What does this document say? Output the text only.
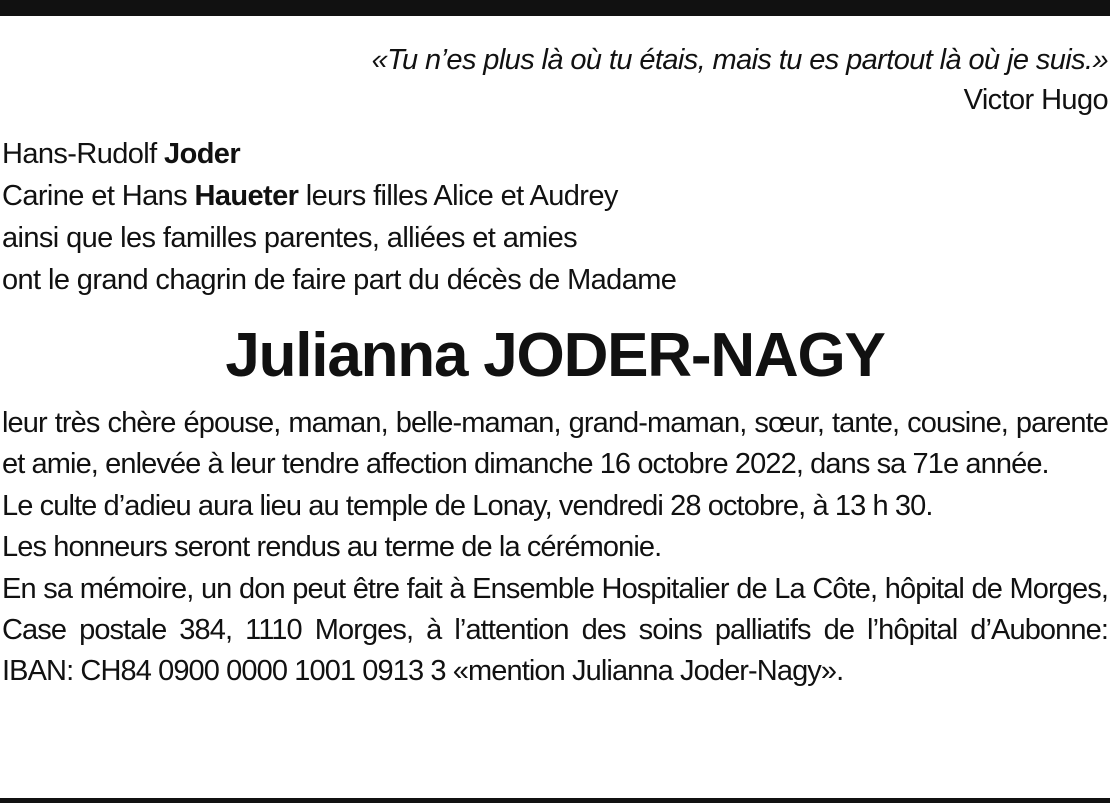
«Tu n’es plus là où tu étais, mais tu es partout là où je suis.»
Victor Hugo
Hans-Rudolf Joder
Carine et Hans Haueter leurs filles Alice et Audrey
ainsi que les familles parentes, alliées et amies
ont le grand chagrin de faire part du décès de Madame
Julianna JODER-NAGY
leur très chère épouse, maman, belle-maman, grand-maman, sœur, tante, cousine, parente et amie, enlevée à leur tendre affection dimanche 16 octobre 2022, dans sa 71e année.
Le culte d’adieu aura lieu au temple de Lonay, vendredi 28 octobre, à 13 h 30.
Les honneurs seront rendus au terme de la cérémonie.
En sa mémoire, un don peut être fait à Ensemble Hospitalier de La Côte, hôpital de Morges, Case postale 384, 1110 Morges, à l’attention des soins palliatifs de l’hôpital d’Aubonne: IBAN: CH84 0900 0000 1001 0913 3 «mention Julianna Joder-Nagy».
